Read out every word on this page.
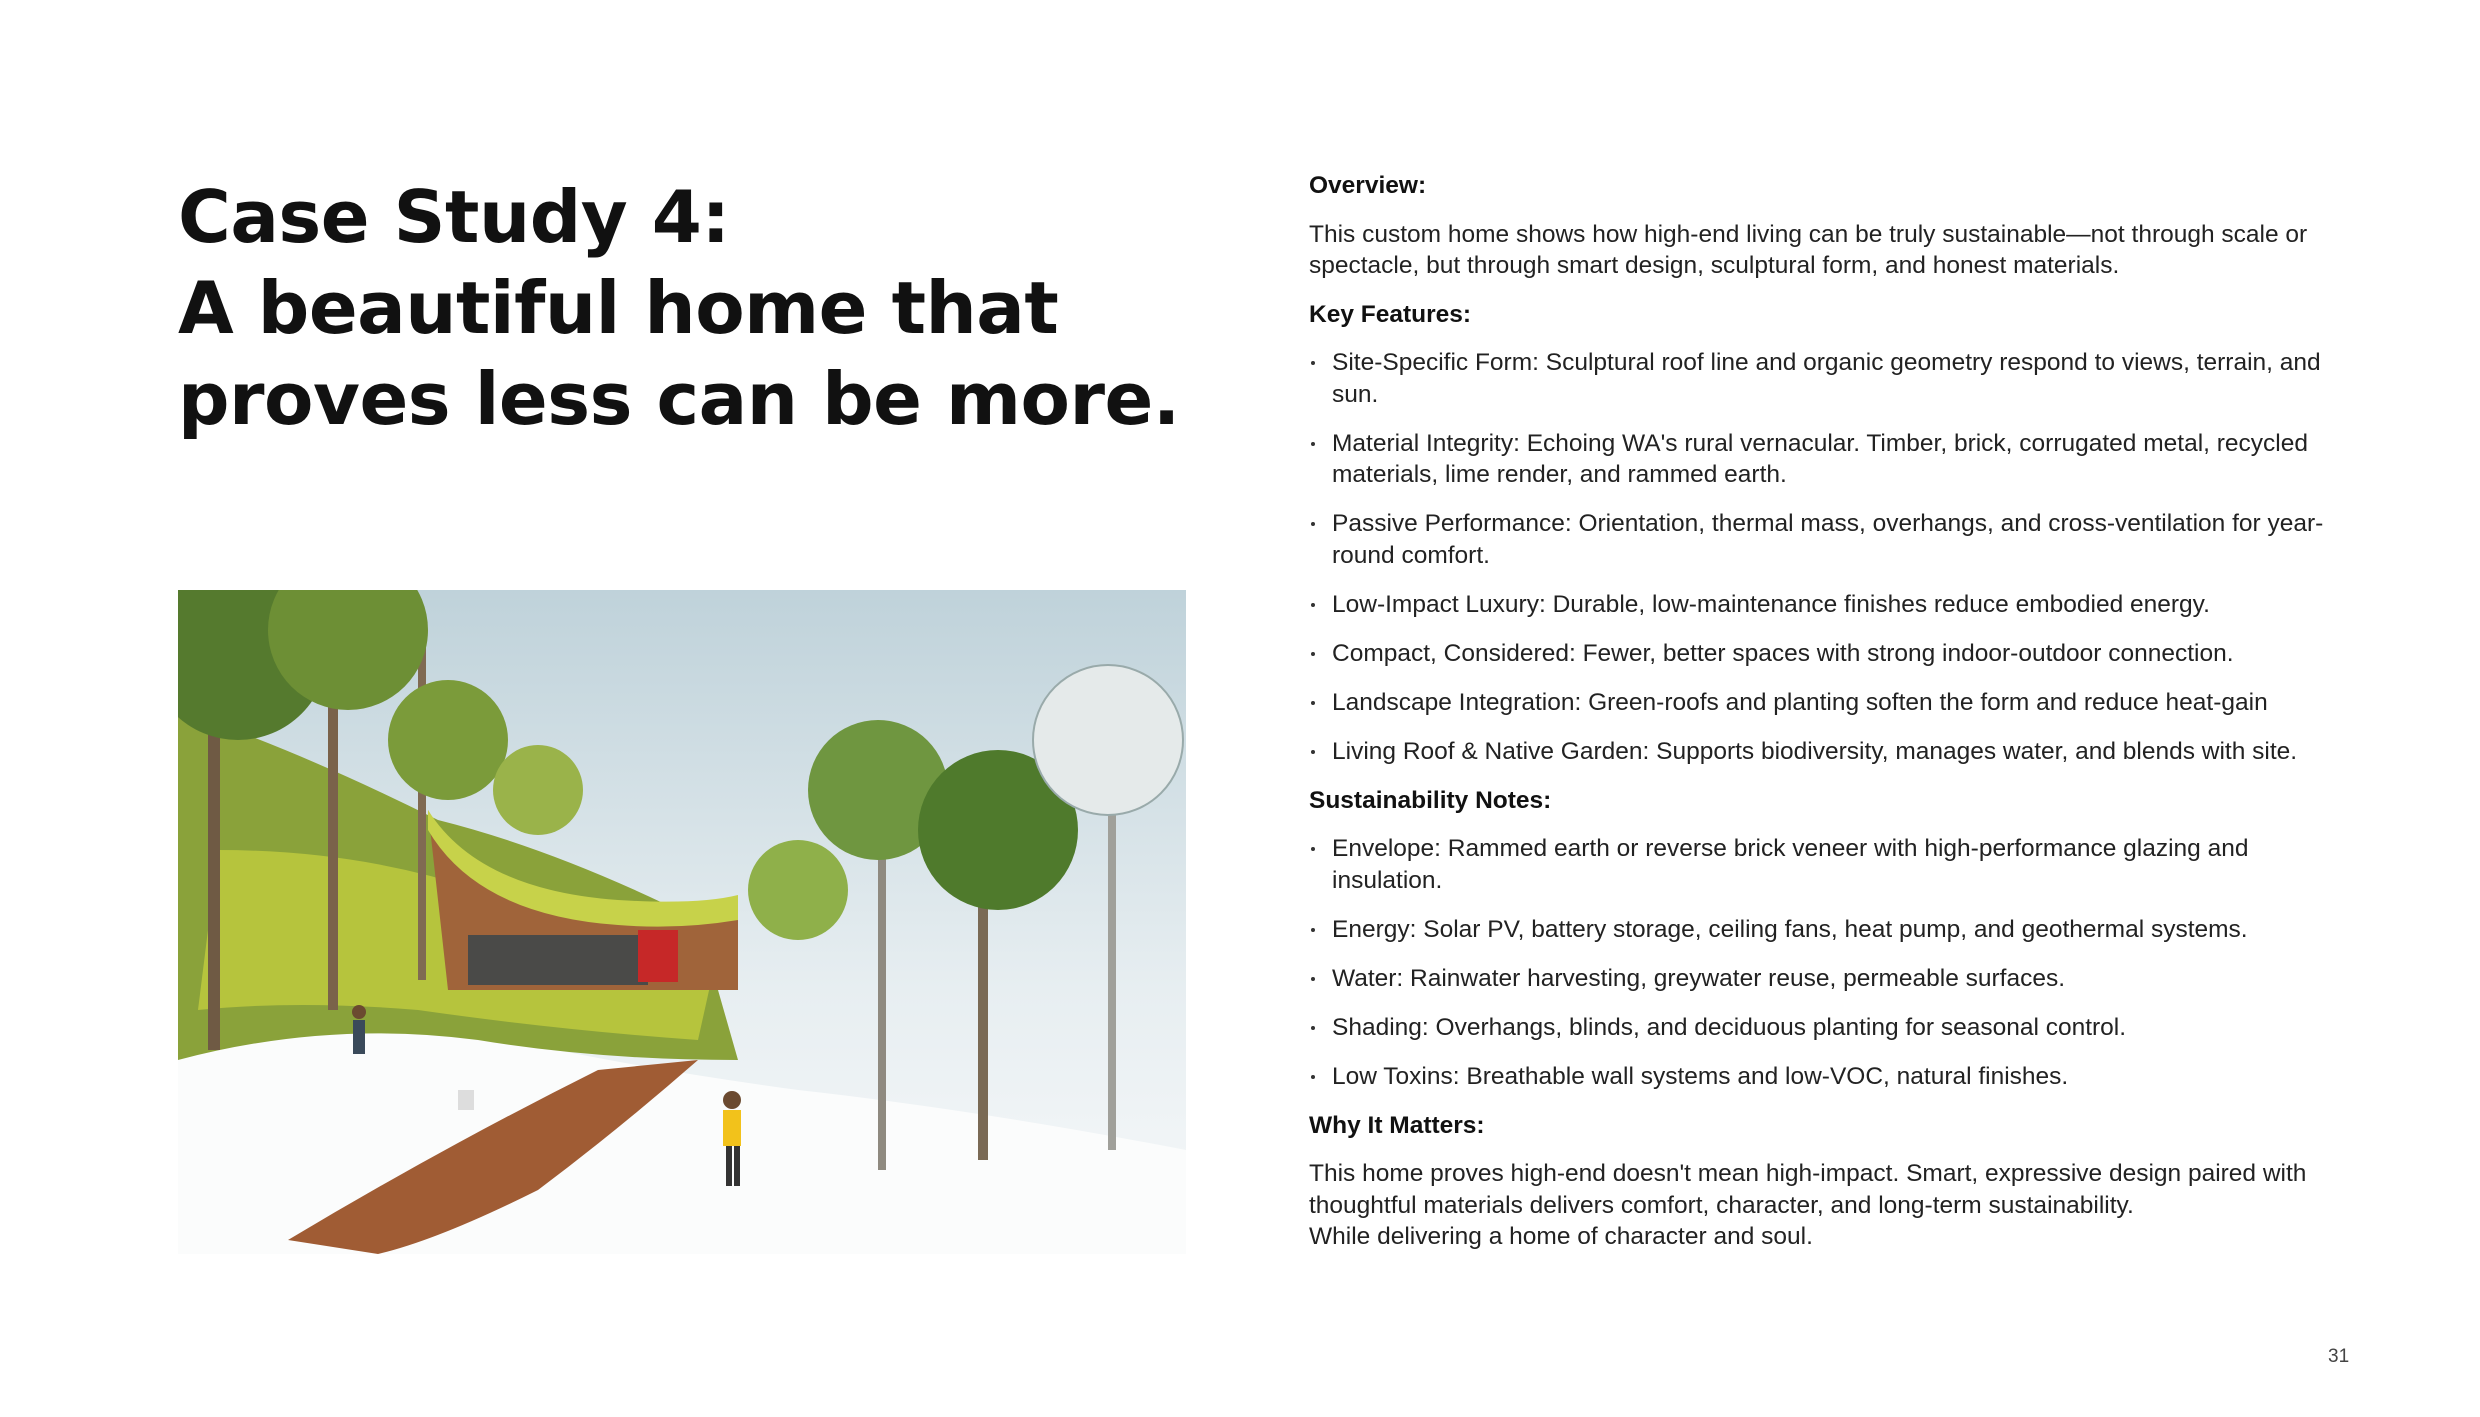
Case Study 4:
A beautiful home that
proves less can be more.
Overview:

This custom home shows how high-end living can be truly sustainable—not through scale or spectacle, but through smart design, sculptural form, and honest materials.

Key Features:
Site-Specific Form: Sculptural roof line and organic geometry respond to views, terrain, and sun.
Material Integrity: Echoing WA's rural vernacular. Timber, brick, corrugated metal, recycled materials, lime render, and rammed earth.
Passive Performance: Orientation, thermal mass, overhangs, and cross-ventilation for year-round comfort.
Low-Impact Luxury: Durable, low-maintenance finishes reduce embodied energy.
Compact, Considered: Fewer, better spaces with strong indoor-outdoor connection.
Landscape Integration: Green-roofs and planting soften the form and reduce heat-gain
Living Roof & Native Garden: Supports biodiversity, manages water, and blends with site.
Sustainability Notes:
Envelope: Rammed earth or reverse brick veneer with high-performance glazing and insulation.
Energy: Solar PV, battery storage, ceiling fans, heat pump, and geothermal systems.
Water: Rainwater harvesting, greywater reuse, permeable surfaces.
Shading: Overhangs, blinds, and deciduous planting for seasonal control.
Low Toxins: Breathable wall systems and low-VOC, natural finishes.
Why It Matters:
This home proves high-end doesn't mean high-impact. Smart, expressive design paired with thoughtful materials delivers comfort, character, and long-term sustainability.
While delivering a home of character and soul.
31
